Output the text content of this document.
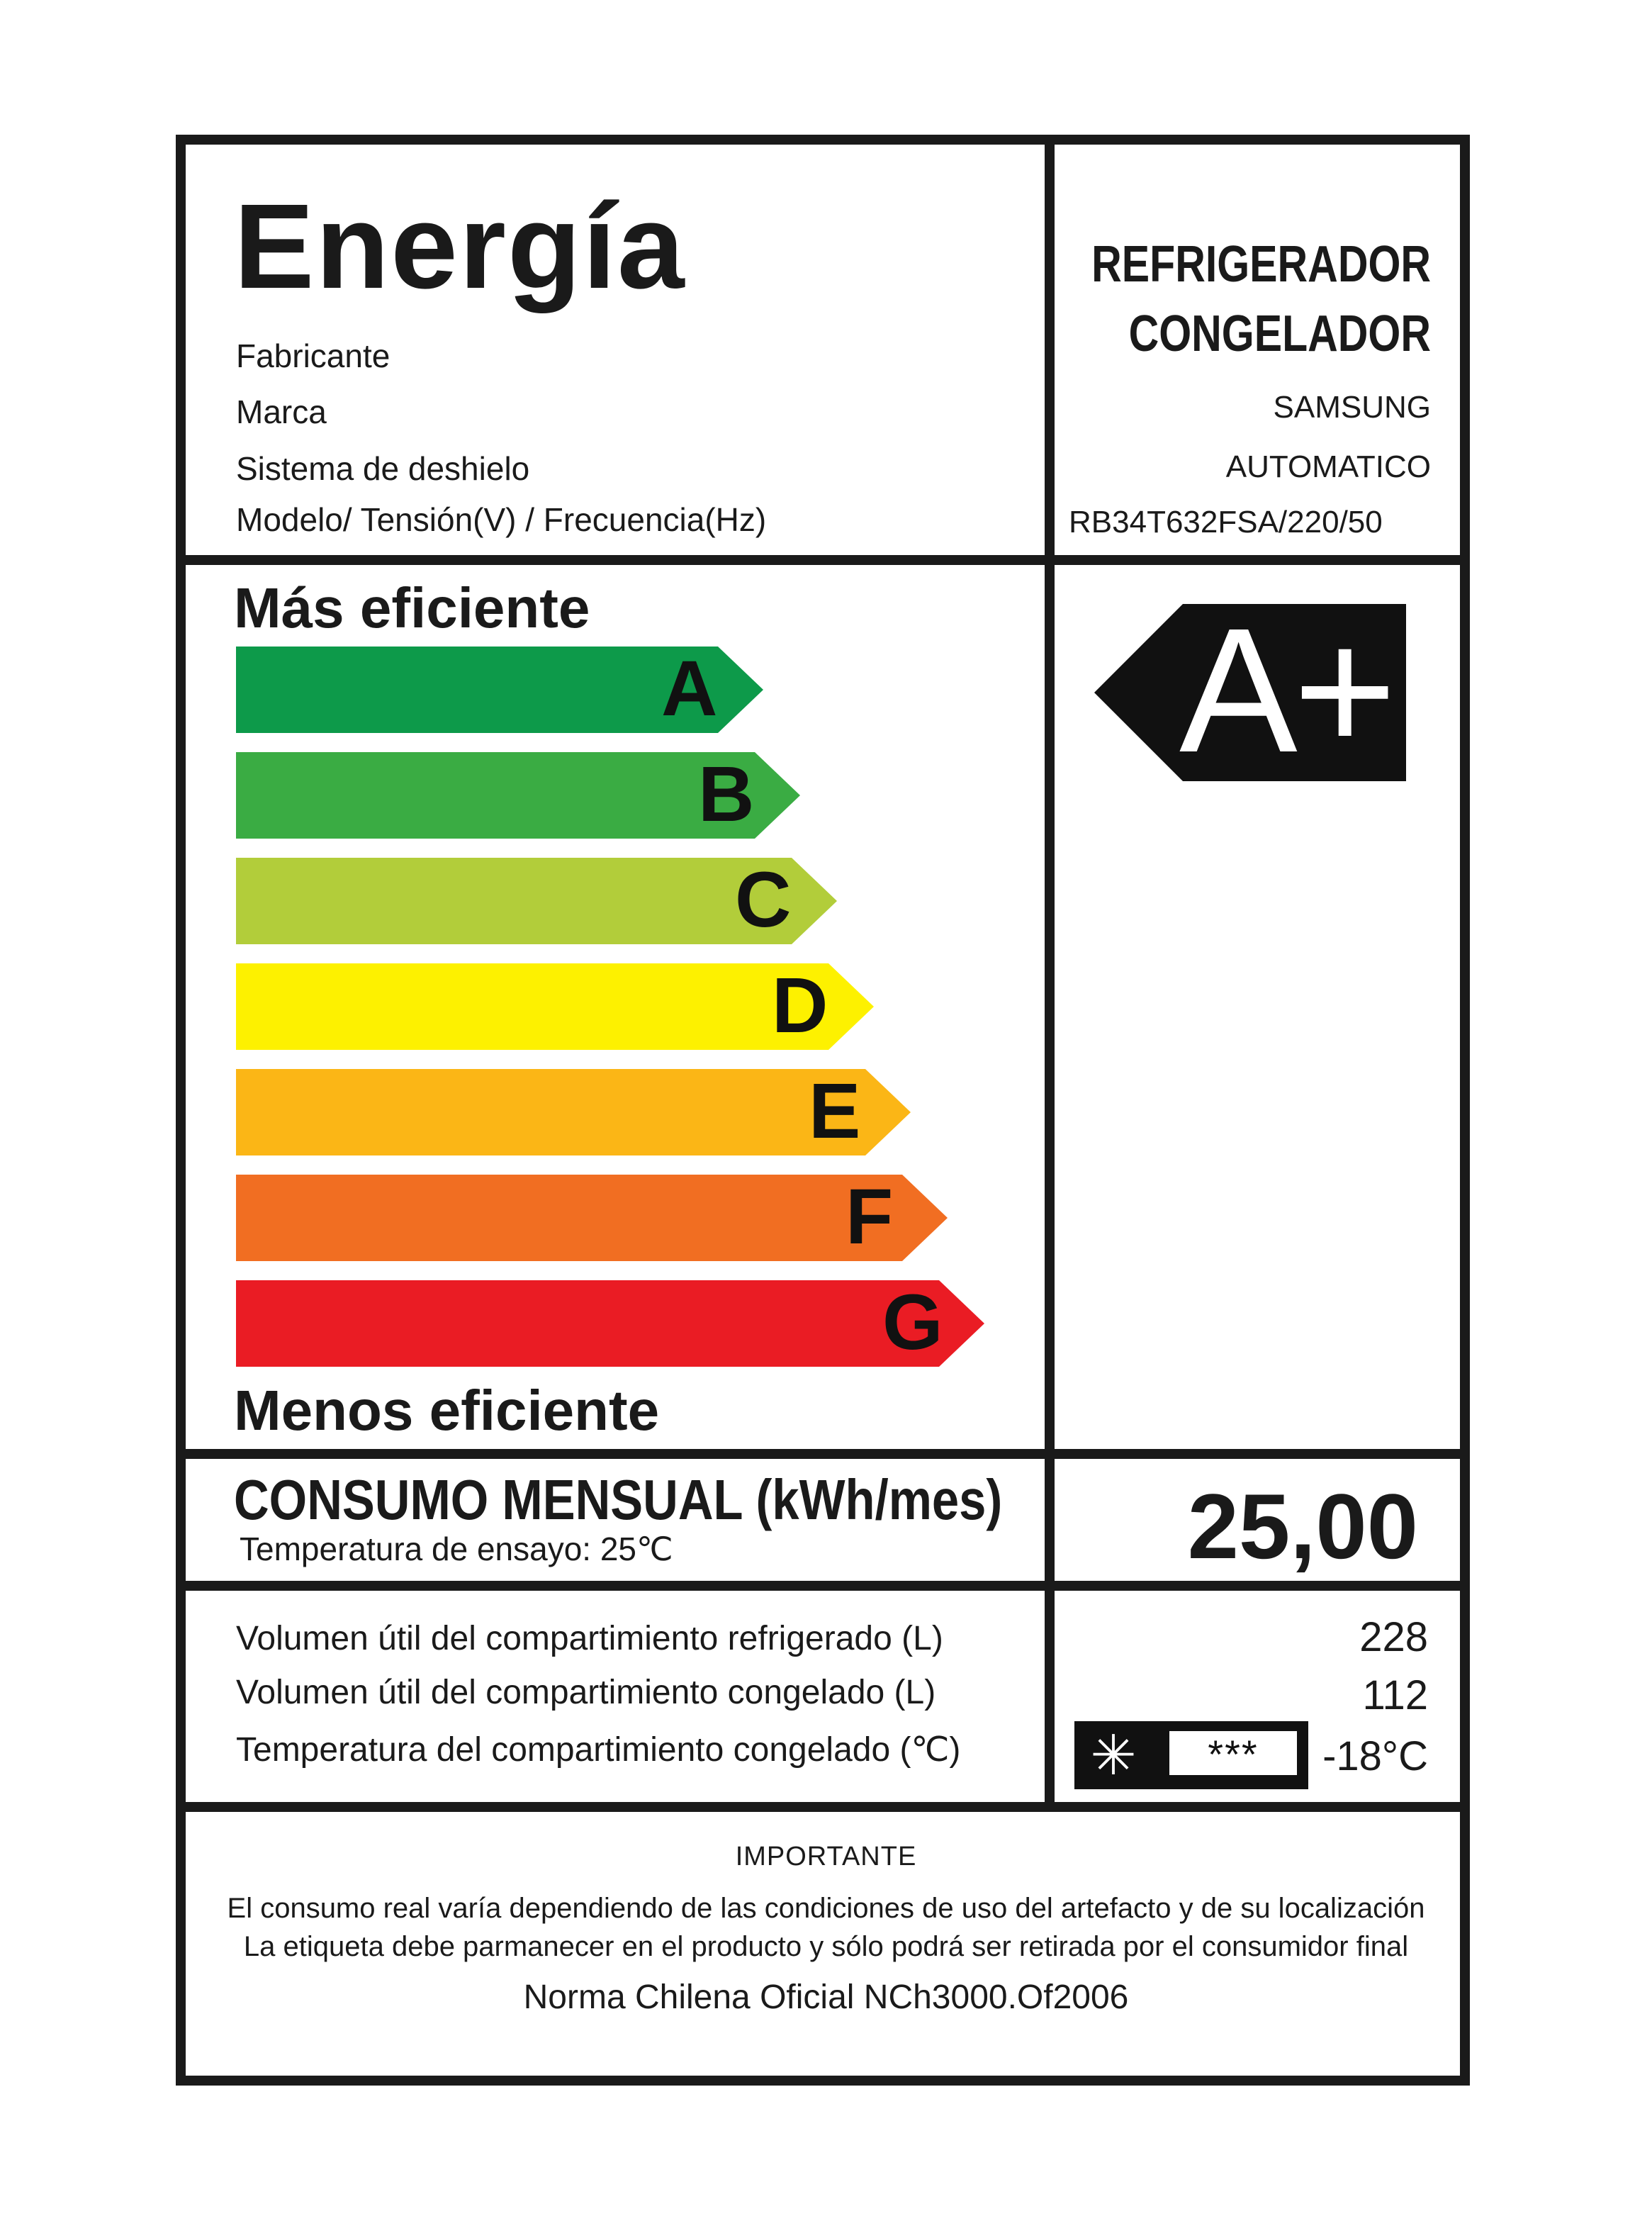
Energía
Fabricante
Marca
Sistema de deshielo
Modelo/ Tensión(V) / Frecuencia(Hz)
REFRIGERADOR
CONGELADOR
SAMSUNG
AUTOMATICO
RB34T632FSA/220/50
Más eficiente
Menos eficiente
A
B
C
D
E
F
G
A+
CONSUMO MENSUAL (kWh/mes)
Temperatura de ensayo: 25℃	25,00
Volumen útil del compartimiento refrigerado (L)
Volumen útil del compartimiento congelado (L)
Temperatura del compartimiento congelado (℃)
228
112
-18°C
✳	***
IMPORTANTE
El consumo real varía dependiendo de las condiciones de uso del artefacto y de su localización
La etiqueta debe parmanecer en el producto y sólo podrá ser retirada por el consumidor final
Norma Chilena Oficial NCh3000.Of2006
